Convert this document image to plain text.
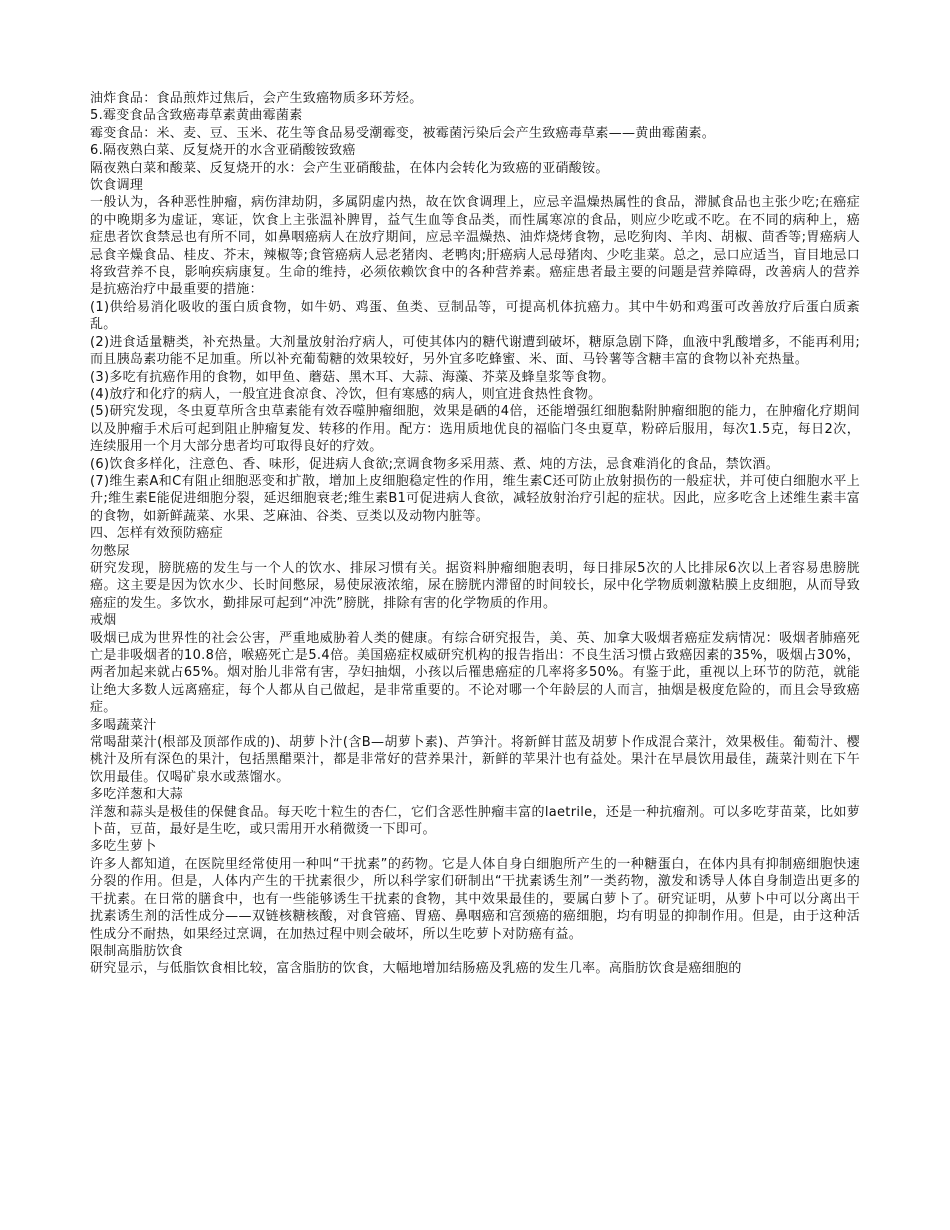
油炸食品：食品煎炸过焦后，会产生致癌物质多环芳烃。

5.霉变食品含致癌毒草素黄曲霉菌素

霉变食品：米、麦、豆、玉米、花生等食品易受潮霉变，被霉菌污染后会产生致癌毒草素——黄曲霉菌素。

6.隔夜熟白菜、反复烧开的水含亚硝酸铵致癌

隔夜熟白菜和酸菜、反复烧开的水：会产生亚硝酸盐，在体内会转化为致癌的亚硝酸铵。

饮食调理

一般认为，各种恶性肿瘤，病伤津劫阴，多属阴虚内热，故在饮食调理上，应忌辛温燥热属性的食品，滞腻食品也主张少吃;在癌症的中晚期多为虚证，寒证，饮食上主张温补脾胃，益气生血等食品类，而性属寒凉的食品，则应少吃或不吃。在不同的病种上，癌症患者饮食禁忌也有所不同，如鼻咽癌病人在放疗期间，应忌辛温燥热、油炸烧烤食物，忌吃狗肉、羊肉、胡椒、茴香等;胃癌病人忌食辛燥食品、桂皮、芥末，辣椒等;食管癌病人忌老猪肉、老鸭肉;肝癌病人忌母猪肉、少吃韭菜。总之，忌口应适当，盲目地忌口将致营养不良，影响疾病康复。生命的维持，必须依赖饮食中的各种营养素。癌症患者最主要的问题是营养障碍，改善病人的营养是抗癌治疗中最重要的措施：

(1)供给易消化吸收的蛋白质食物，如牛奶、鸡蛋、鱼类、豆制品等，可提高机体抗癌力。其中牛奶和鸡蛋可改善放疗后蛋白质紊乱。

(2)进食适量糖类，补充热量。大剂量放射治疗病人，可使其体内的糖代谢遭到破坏，糖原急剧下降，血液中乳酸增多，不能再利用;而且胰岛素功能不足加重。所以补充葡萄糖的效果较好，另外宜多吃蜂蜜、米、面、马铃薯等含糖丰富的食物以补充热量。

(3)多吃有抗癌作用的食物，如甲鱼、蘑菇、黑木耳、大蒜、海藻、芥菜及蜂皇浆等食物。

(4)放疗和化疗的病人，一般宜进食凉食、冷饮，但有寒感的病人，则宜进食热性食物。

(5)研究发现，冬虫夏草所含虫草素能有效吞噬肿瘤细胞，效果是硒的4倍，还能增强红细胞黏附肿瘤细胞的能力，在肿瘤化疗期间以及肿瘤手术后可起到阻止肿瘤复发、转移的作用。配方：选用质地优良的福临门冬虫夏草，粉碎后服用，每次1.5克，每日2次，连续服用一个月大部分患者均可取得良好的疗效。

(6)饮食多样化，注意色、香、味形，促进病人食欲;烹调食物多采用蒸、煮、炖的方法，忌食难消化的食品，禁饮酒。

(7)维生素A和C有阻止细胞恶变和扩散，增加上皮细胞稳定性的作用，维生素C还可防止放射损伤的一般症状，并可使白细胞水平上升;维生素E能促进细胞分裂，延迟细胞衰老;维生素B1可促进病人食欲，减轻放射治疗引起的症状。因此，应多吃含上述维生素丰富的食物，如新鲜蔬菜、水果、芝麻油、谷类、豆类以及动物内脏等。

四、怎样有效预防癌症

勿憋尿

研究发现，膀胱癌的发生与一个人的饮水、排尿习惯有关。据资料肿瘤细胞表明，每日排尿5次的人比排尿6次以上者容易患膀胱癌。这主要是因为饮水少、长时间憋尿，易使尿液浓缩，尿在膀胱内滞留的时间较长，尿中化学物质刺激粘膜上皮细胞，从而导致癌症的发生。多饮水，勤排尿可起到“冲洗”膀胱，排除有害的化学物质的作用。

戒烟

吸烟已成为世界性的社会公害，严重地威胁着人类的健康。有综合研究报告，美、英、加拿大吸烟者癌症发病情况：吸烟者肺癌死亡是非吸烟者的10.8倍，喉癌死亡是5.4倍。美国癌症权威研究机构的报告指出：不良生活习惯占致癌因素的35%，吸烟占30%，两者加起来就占65%。烟对胎儿非常有害，孕妇抽烟，小孩以后罹患癌症的几率将多50%。有鉴于此，重视以上环节的防范，就能让绝大多数人远离癌症，每个人都从自己做起，是非常重要的。不论对哪一个年龄层的人而言，抽烟是极度危险的，而且会导致癌症。

多喝蔬菜汁

常喝甜菜汁(根部及顶部作成的)、胡萝卜汁(含B—胡萝卜素)、芦笋汁。将新鲜甘蓝及胡萝卜作成混合菜汁，效果极佳。葡萄汁、樱桃汁及所有深色的果汁，包括黑醋栗汁，都是非常好的营养果汁，新鲜的苹果汁也有益处。果汁在早晨饮用最佳，蔬菜汁则在下午饮用最佳。仅喝矿泉水或蒸馏水。

多吃洋葱和大蒜

洋葱和蒜头是极佳的保健食品。每天吃十粒生的杏仁，它们含恶性肿瘤丰富的laetrile，还是一种抗瘤剂。可以多吃芽苗菜，比如萝卜苗，豆苗，最好是生吃，或只需用开水稍微烫一下即可。

多吃生萝卜

许多人都知道，在医院里经常使用一种叫“干扰素”的药物。它是人体自身白细胞所产生的一种糖蛋白，在体内具有抑制癌细胞快速分裂的作用。但是，人体内产生的干扰素很少，所以科学家们研制出“干扰素诱生剂”一类药物，激发和诱导人体自身制造出更多的干扰素。在日常的膳食中，也有一些能够诱生干扰素的食物，其中效果最佳的，要属白萝卜了。研究证明，从萝卜中可以分离出干扰素诱生剂的活性成分——双链核糖核酸，对食管癌、胃癌、鼻咽癌和宫颈癌的癌细胞，均有明显的抑制作用。但是，由于这种活性成分不耐热，如果经过烹调，在加热过程中则会破坏，所以生吃萝卜对防癌有益。

限制高脂肪饮食

研究显示，与低脂饮食相比较，富含脂肪的饮食，大幅地增加结肠癌及乳癌的发生几率。高脂肪饮食是癌细胞的
